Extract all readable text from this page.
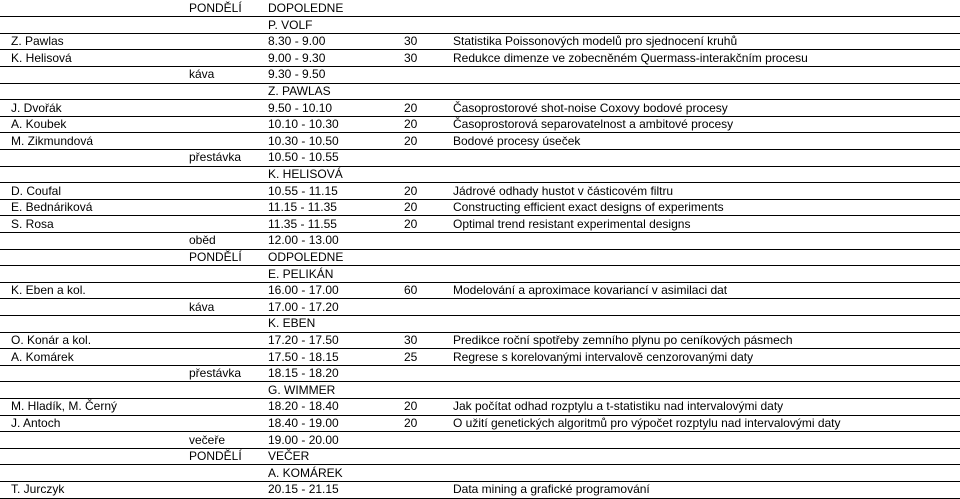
PONDĚLÍ DOPOLEDNE
P. VOLF
Z. Pawlas	8.30 - 9.00	30	Statistika Poissonových modelů pro sjednocení kruhů
K. Helisová	9.00 - 9.30	30	Redukce dimenze ve zobecněném Quermass-interakčním procesu
káva	9.30 - 9.50
Z. PAWLAS
J. Dvořák	9.50 - 10.10	20	Časoprostorové shot-noise Coxovy bodové procesy
A. Koubek	10.10 - 10.30	20	Časoprostorová separovatelnost a ambitové procesy
M. Zikmundová	10.30 - 10.50	20	Bodové procesy úseček
přestávka 10.50 - 10.55
K. HELISOVÁ
D. Coufal	10.55 - 11.15	20	Jádrové odhady hustot v částicovém filtru
E. Bednáriková	11.15 - 11.35	20	Constructing efficient exact designs of experiments
S. Rosa	11.35 - 11.55	20	Optimal trend resistant experimental designs
oběd	12.00 - 13.00
PONDĚLÍ ODPOLEDNE
E. PELIKÁN
K. Eben a kol.	16.00 - 17.00	60	Modelování a aproximace kovariancí v asimilaci dat
káva	17.00 - 17.20
K. EBEN
O. Konár a kol.	17.20 - 17.50	30	Predikce roční spotřeby zemního plynu po ceníkových pásmech
A. Komárek	17.50 - 18.15	25	Regrese s korelovanými intervalově cenzorovanými daty
přestávka 18.15 - 18.20
G. WIMMER
M. Hladík, M. Černý	18.20 - 18.40	20	Jak počítat odhad rozptylu a t-statistiku nad intervalovými daty
J. Antoch	18.40 - 19.00	20	O užití genetických algoritmů pro výpočet rozptylu nad intervalovými daty
večeře	19.00 - 20.00
PONDĚLÍ VEČER
A. KOMÁREK
T. Jurczyk	20.15 - 21.15	Data mining a grafické programování
